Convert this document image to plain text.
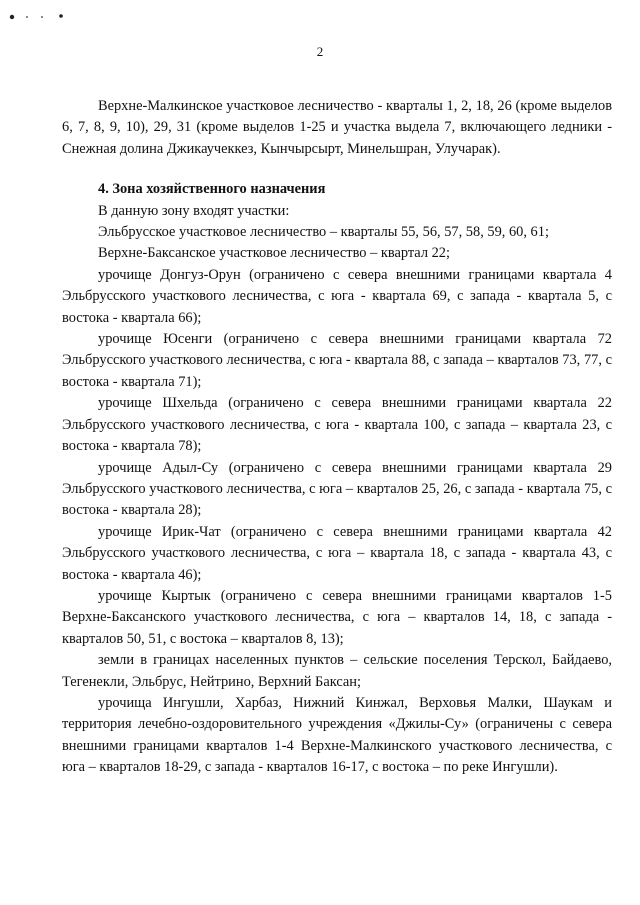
2

Верхне-Малкинское участковое лесничество - кварталы 1, 2, 18, 26 (кроме выделов 6, 7, 8, 9, 10), 29, 31 (кроме выделов 1-25 и участка выдела 7, включающего ледники - Снежная долина Джикаучеккез, Кынчырсырт, Минельшран, Улучарак).

4. Зона хозяйственного назначения

В данную зону входят участки:

Эльбрусское участковое лесничество – кварталы 55, 56, 57, 58, 59, 60, 61;

Верхне-Баксанское участковое лесничество – квартал 22;

урочище Донгуз-Орун (ограничено с севера внешними границами квартала 4 Эльбрусского участкового лесничества, с юга - квартала 69, с запада - квартала 5, с востока - квартала 66);

урочище Юсенги (ограничено с севера внешними границами квартала 72 Эльбрусского участкового лесничества, с юга - квартала 88, с запада – кварталов 73, 77, с востока - квартала 71);

урочище Шхельда (ограничено с севера внешними границами квартала 22 Эльбрусского участкового лесничества, с юга - квартала 100, с запада – квартала 23, с востока - квартала 78);

урочище Адыл-Су (ограничено с севера внешними границами квартала 29 Эльбрусского участкового лесничества, с юга – кварталов 25, 26, с запада - квартала 75, с востока - квартала 28);

урочище Ирик-Чат (ограничено с севера внешними границами квартала 42 Эльбрусского участкового лесничества, с юга – квартала 18, с запада - квартала 43, с востока - квартала 46);

урочище Кыртык (ограничено с севера внешними границами кварталов 1-5 Верхне-Баксанского участкового лесничества, с юга – кварталов 14, 18, с запада - кварталов 50, 51, с востока – кварталов 8, 13);

земли в границах населенных пунктов – сельские поселения Терскол, Байдаево, Тегенекли, Эльбрус, Нейтрино, Верхний Баксан;

урочища Ингушли, Харбаз, Нижний Кинжал, Верховья Малки, Шаукам и территория лечебно-оздоровительного учреждения «Джилы-Су» (ограничены с севера внешними границами кварталов 1-4 Верхне-Малкинского участкового лесничества, с юга – кварталов 18-29, с запада - кварталов 16-17, с востока – по реке Ингушли).
